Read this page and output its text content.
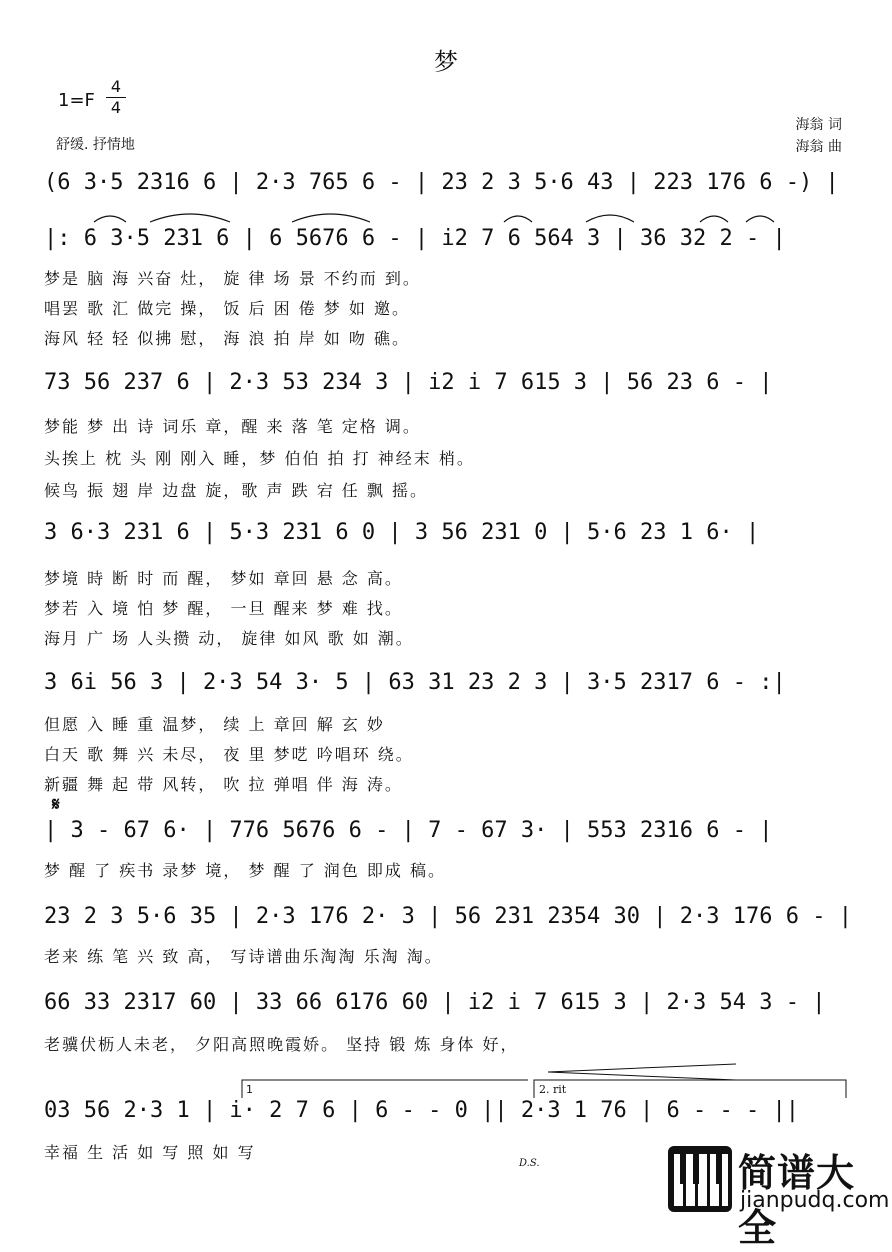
梦
1=F
4
4
舒缓. 抒情地
海翁 词
海翁 曲
(6 3·5 2316 6 | 2·3 765 6 - | 23 2 3 5·6 43 | 223 176 6 -) |
|: 6 3·5 231 6 | 6 5676 6 - | i2 7 6 564 3 | 36 32 2 - |
梦是 脑 海 兴奋 灶， 旋 律 场 景 不约而 到。
唱罢 歌 汇 做完 操， 饭 后 困 倦 梦 如 邀。
海风 轻 轻 似拂 慰， 海 浪 拍 岸 如 吻 礁。
73 56 237 6 | 2·3 53 234 3 | i2 i 7 615 3 | 56 23 6 - |
梦能 梦 出 诗 词乐 章，醒 来 落 笔 定格 调。
头挨上 枕 头 刚 刚入 睡，梦 伯伯 拍 打 神经末 梢。
候鸟 振 翅 岸 边盘 旋，歌 声 跌 宕 任 飘 摇。
3 6·3 231 6 | 5·3 231 6 0 | 3 56 231 0 | 5·6 23 1 6· |
梦境 時 断 时 而 醒， 梦如 章回 悬 念 高。
梦若 入 境 怕 梦 醒， 一旦 醒来 梦 难 找。
海月 广 场 人头攒 动， 旋律 如风 歌 如 潮。
3 6i 56 3 | 2·3 54 3· 5 | 63 31 23 2 3 | 3·5 2317 6 - :|
但愿 入 睡 重 温梦， 续 上 章回 解 玄 妙
白天 歌 舞 兴 未尽， 夜 里 梦呓 吟唱环 绕。
新疆 舞 起 带 风转， 吹 拉 弹唱 伴 海 涛。
𝄋
| 3 - 67 6· | 776 5676 6 - | 7 - 67 3· | 553 2316 6 - |
梦 醒 了 疾书 录梦 境， 梦 醒 了 润色 即成 稿。
23 2 3 5·6 35 | 2·3 176 2· 3 | 56 231 2354 30 | 2·3 176 6 - |
老来 练 笔 兴 致 高， 写诗谱曲乐淘淘 乐淘 淘。
66 33 2317 60 | 33 66 6176 60 | i2 i 7 615 3 | 2·3 54 3 - |
老骥伏枥人未老， 夕阳高照晚霞娇。 坚持 锻 炼 身体 好，
1	2. rit
03 56 2·3 1 | i· 2 7 6 | 6 - - 0 || 2·3 1 76 | 6 - - - ||
D.S.
幸福 生 活 如 写 照 如 写	简谱大全
jianpudq.com
